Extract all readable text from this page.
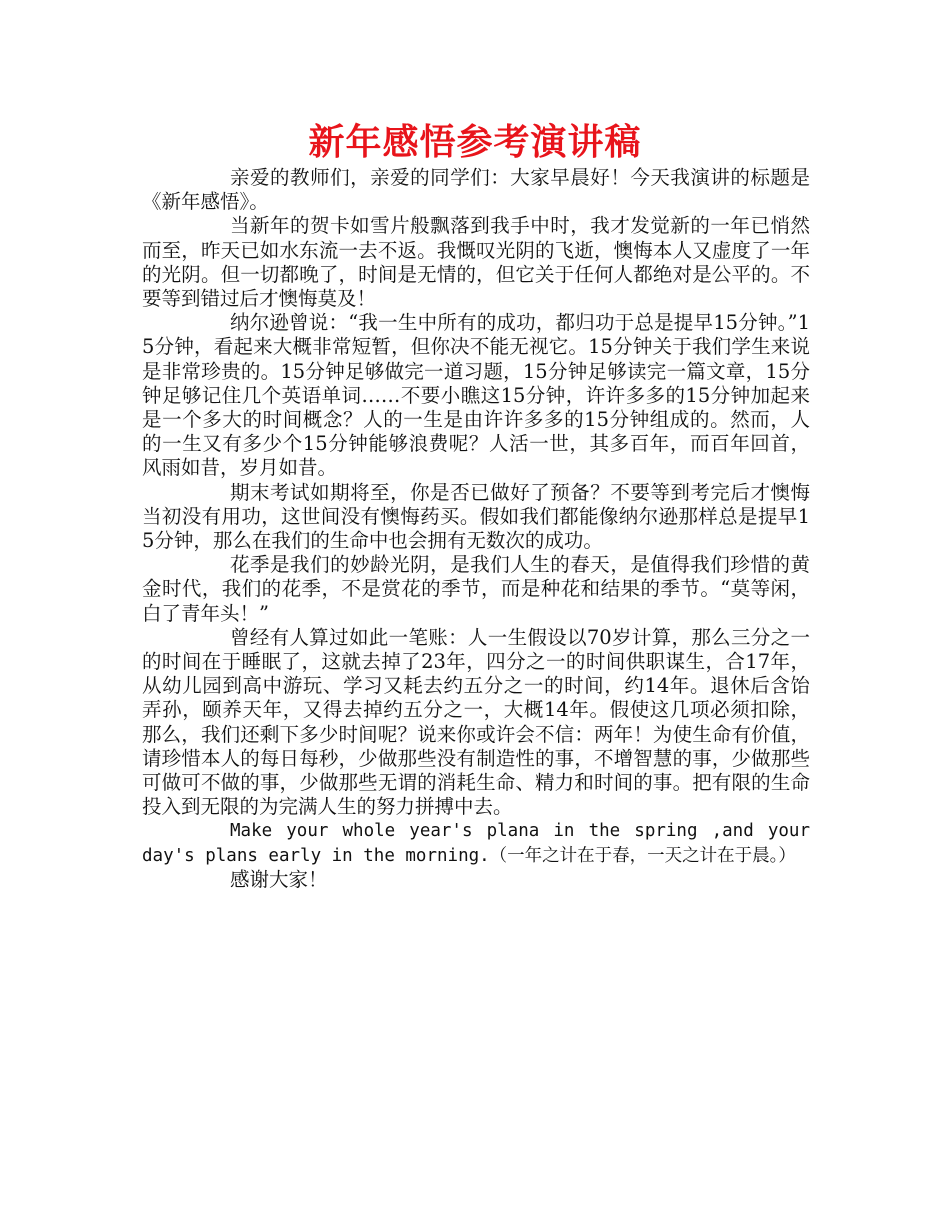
新年感悟参考演讲稿

亲爱的教师们，亲爱的同学们：大家早晨好！今天我演讲的标题是《新年感悟》。

当新年的贺卡如雪片般飘落到我手中时，我才发觉新的一年已悄然而至，昨天已如水东流一去不返。我慨叹光阴的飞逝，懊悔本人又虚度了一年的光阴。但一切都晚了，时间是无情的，但它关于任何人都绝对是公平的。不要等到错过后才懊悔莫及！

纳尔逊曾说：“我一生中所有的成功，都归功于总是提早15分钟。”15分钟，看起来大概非常短暂，但你决不能无视它。15分钟关于我们学生来说是非常珍贵的。15分钟足够做完一道习题，15分钟足够读完一篇文章，15分钟足够记住几个英语单词……不要小瞧这15分钟，许许多多的15分钟加起来是一个多大的时间概念？人的一生是由许许多多的15分钟组成的。然而，人的一生又有多少个15分钟能够浪费呢？人活一世，其多百年，而百年回首，风雨如昔，岁月如昔。

期末考试如期将至，你是否已做好了预备？不要等到考完后才懊悔当初没有用功，这世间没有懊悔药买。假如我们都能像纳尔逊那样总是提早15分钟，那么在我们的生命中也会拥有无数次的成功。

花季是我们的妙龄光阴，是我们人生的春天，是值得我们珍惜的黄金时代，我们的花季，不是赏花的季节，而是种花和结果的季节。“莫等闲，白了青年头！”

曾经有人算过如此一笔账：人一生假设以70岁计算，那么三分之一的时间在于睡眠了，这就去掉了23年，四分之一的时间供职谋生，合17年，从幼儿园到高中游玩、学习又耗去约五分之一的时间，约14年。退休后含饴弄孙，颐养天年，又得去掉约五分之一，大概14年。假使这几项必须扣除，那么，我们还剩下多少时间呢？说来你或许会不信：两年！为使生命有价值，请珍惜本人的每日每秒，少做那些没有制造性的事，不增智慧的事，少做那些可做可不做的事，少做那些无谓的消耗生命、精力和时间的事。把有限的生命投入到无限的为完满人生的努力拼搏中去。

Make your whole year's plana in the spring ,and your day's plans early in the morning.（一年之计在于春，一天之计在于晨。）

感谢大家！
